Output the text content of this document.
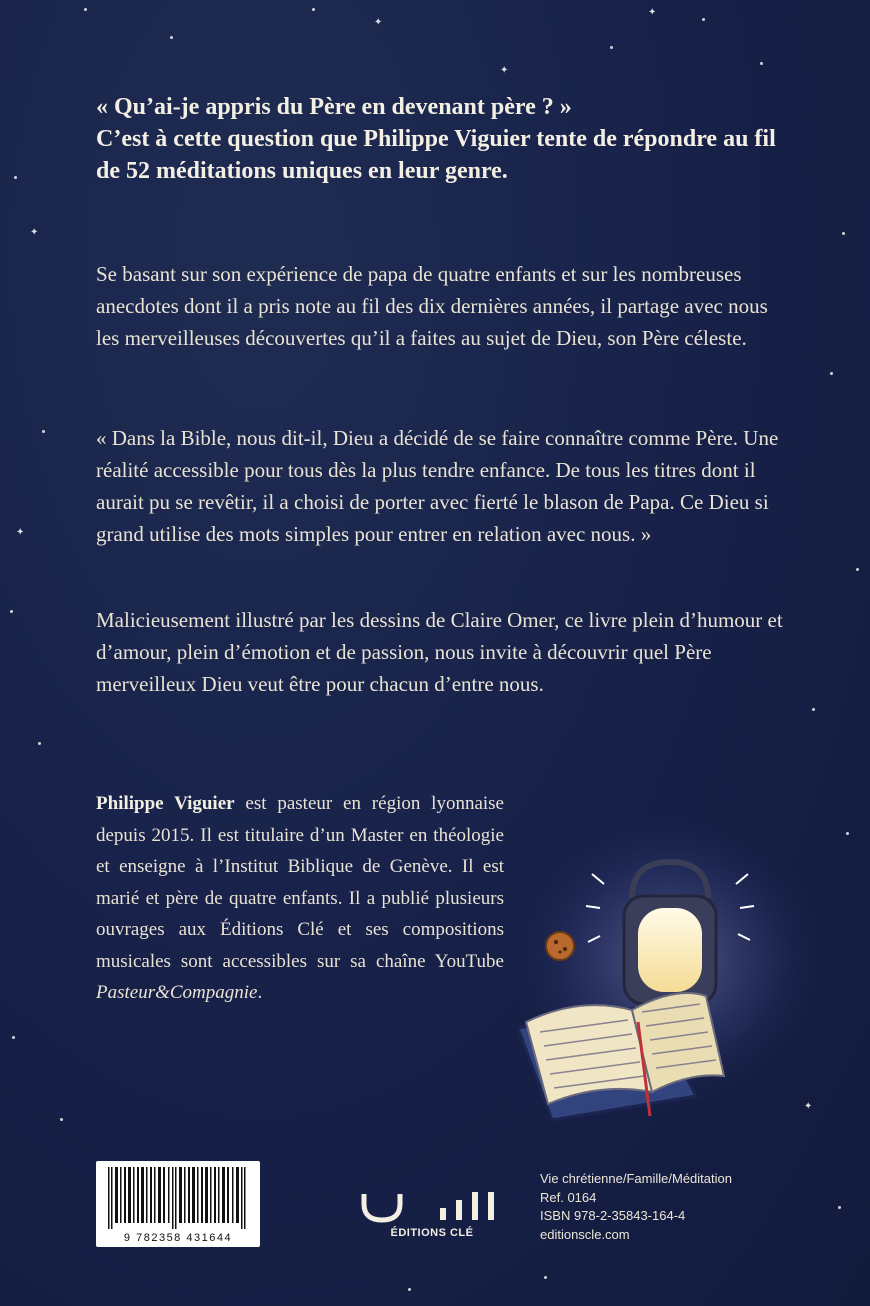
✦
✦
✦
✦
✦
✦

« Qu’ai-je appris du Père en devenant père ? »
C’est à cette question que Philippe Viguier tente de répondre au fil de 52 méditations uniques en leur genre.

Se basant sur son expérience de papa de quatre enfants et sur les nombreuses anecdotes dont il a pris note au fil des dix dernières années, il partage avec nous les merveilleuses découvertes qu’il a faites au sujet de Dieu, son Père céleste.

« Dans la Bible, nous dit-il, Dieu a décidé de se faire connaître comme Père. Une réalité accessible pour tous dès la plus tendre enfance. De tous les titres dont il aurait pu se revêtir, il a choisi de porter avec fierté le blason de Papa. Ce Dieu si grand utilise des mots simples pour entrer en relation avec nous. »

Malicieusement illustré par les dessins de Claire Omer, ce livre plein d’humour et d’amour, plein d’émotion et de passion, nous invite à découvrir quel Père merveilleux Dieu veut être pour chacun d’entre nous.

Philippe Viguier est pasteur en région lyonnaise depuis 2015. Il est titulaire d’un Master en théologie et enseigne à l’Institut Biblique de Genève. Il est marié et père de quatre enfants. Il a publié plusieurs ouvrages aux Éditions Clé et ses compositions musicales sont accessibles sur sa chaîne YouTube Pasteur&Compagnie.

9 782358 431644	ÉDITIONS CLÉ
Vie chrétienne/Famille/Méditation
Ref. 0164
ISBN 978-2-35843-164-4
editionscle.com
